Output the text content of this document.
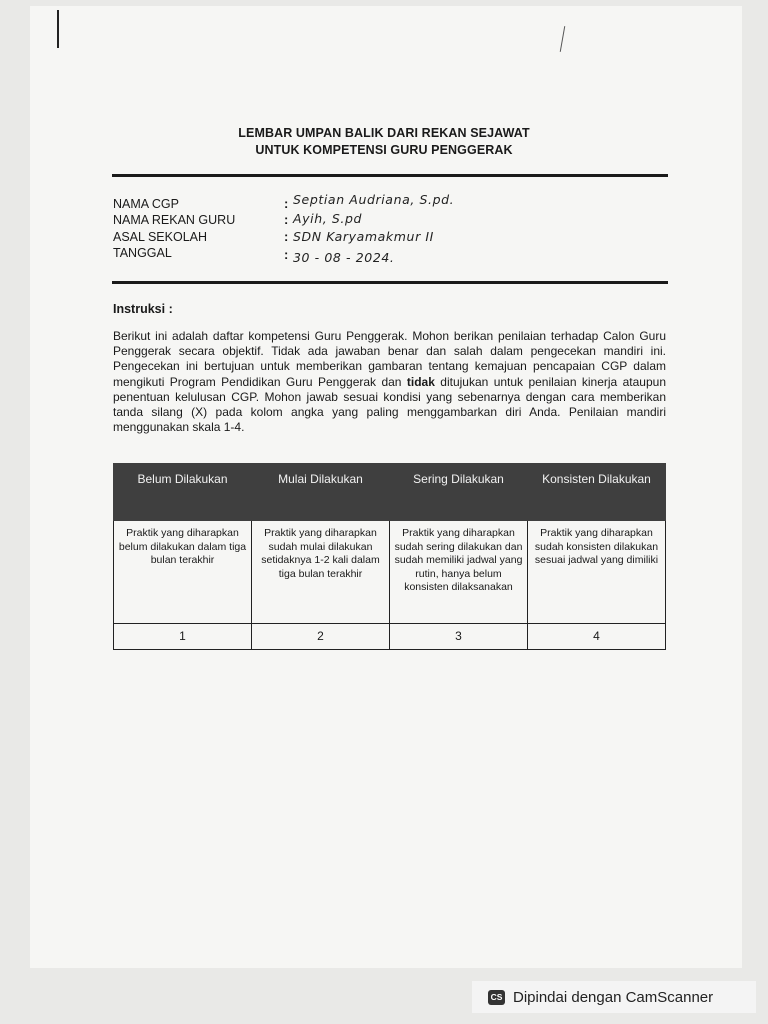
LEMBAR UMPAN BALIK DARI REKAN SEJAWAT
UNTUK KOMPETENSI GURU PENGGERAK
NAMA CGP	: Septian Audriana, S.pd.
NAMA REKAN GURU	: Ayih, S.pd
ASAL SEKOLAH	: SDN Karyamakmur II
TANGGAL	: 30 - 08 - 2024.
Instruksi :
Berikut ini adalah daftar kompetensi Guru Penggerak. Mohon berikan penilaian terhadap Calon Guru Penggerak secara objektif. Tidak ada jawaban benar dan salah dalam pengecekan mandiri ini. Pengecekan ini bertujuan untuk memberikan gambaran tentang kemajuan pencapaian CGP dalam mengikuti Program Pendidikan Guru Penggerak dan tidak ditujukan untuk penilaian kinerja ataupun penentuan kelulusan CGP. Mohon jawab sesuai kondisi yang sebenarnya dengan cara memberikan tanda silang (X) pada kolom angka yang paling menggambarkan diri Anda. Penilaian mandiri menggunakan skala 1-4.
Belum Dilakukan	Mulai Dilakukan	Sering Dilakukan	Konsisten Dilakukan
Praktik yang diharapkan belum dilakukan dalam tiga bulan terakhir	Praktik yang diharapkan sudah mulai dilakukan setidaknya 1-2 kali dalam tiga bulan terakhir	Praktik yang diharapkan sudah sering dilakukan dan sudah memiliki jadwal yang rutin, hanya belum konsisten dilaksanakan	Praktik yang diharapkan sudah konsisten dilakukan sesuai jadwal yang dimiliki
1	2	3	4
CS Dipindai dengan CamScanner
